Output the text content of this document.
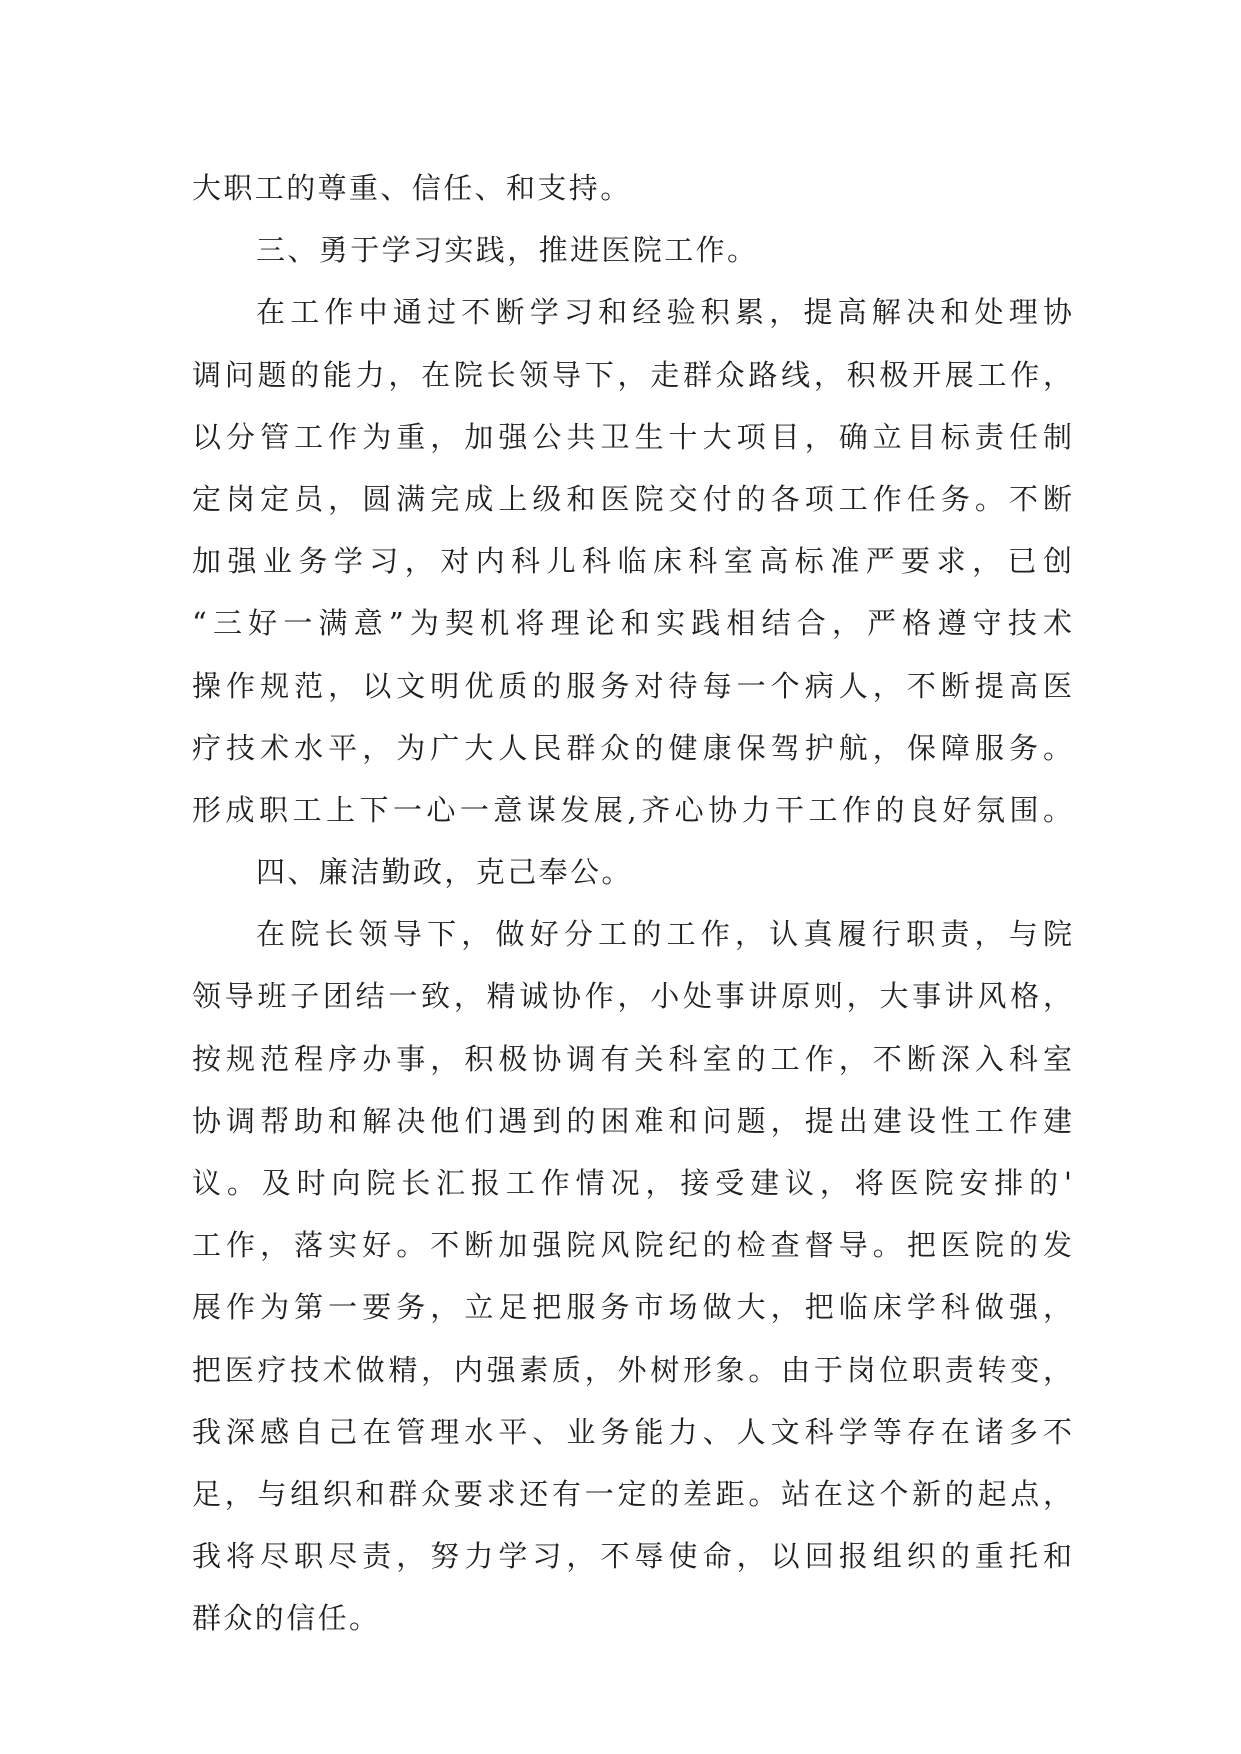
大职工的尊重、信任、和支持。
三、勇于学习实践，推进医院工作。
在工作中通过不断学习和经验积累，提高解决和处理协
调问题的能力，在院长领导下，走群众路线，积极开展工作，
以分管工作为重，加强公共卫生十大项目，确立目标责任制
定岗定员，圆满完成上级和医院交付的各项工作任务。不断
加强业务学习，对内科儿科临床科室高标准严要求，已创
“三好一满意”为契机将理论和实践相结合，严格遵守技术
操作规范，以文明优质的服务对待每一个病人，不断提高医
疗技术水平，为广大人民群众的健康保驾护航，保障服务。
形成职工上下一心一意谋发展,齐心协力干工作的良好氛围。
四、廉洁勤政，克己奉公。
在院长领导下，做好分工的工作，认真履行职责，与院
领导班子团结一致，精诚协作，小处事讲原则，大事讲风格，
按规范程序办事，积极协调有关科室的工作，不断深入科室
协调帮助和解决他们遇到的困难和问题，提出建设性工作建
议。及时向院长汇报工作情况，接受建议，将医院安排的'
工作，落实好。不断加强院风院纪的检查督导。把医院的发
展作为第一要务，立足把服务市场做大，把临床学科做强，
把医疗技术做精，内强素质，外树形象。由于岗位职责转变，
我深感自己在管理水平、业务能力、人文科学等存在诸多不
足，与组织和群众要求还有一定的差距。站在这个新的起点，
我将尽职尽责，努力学习，不辱使命，以回报组织的重托和
群众的信任。
